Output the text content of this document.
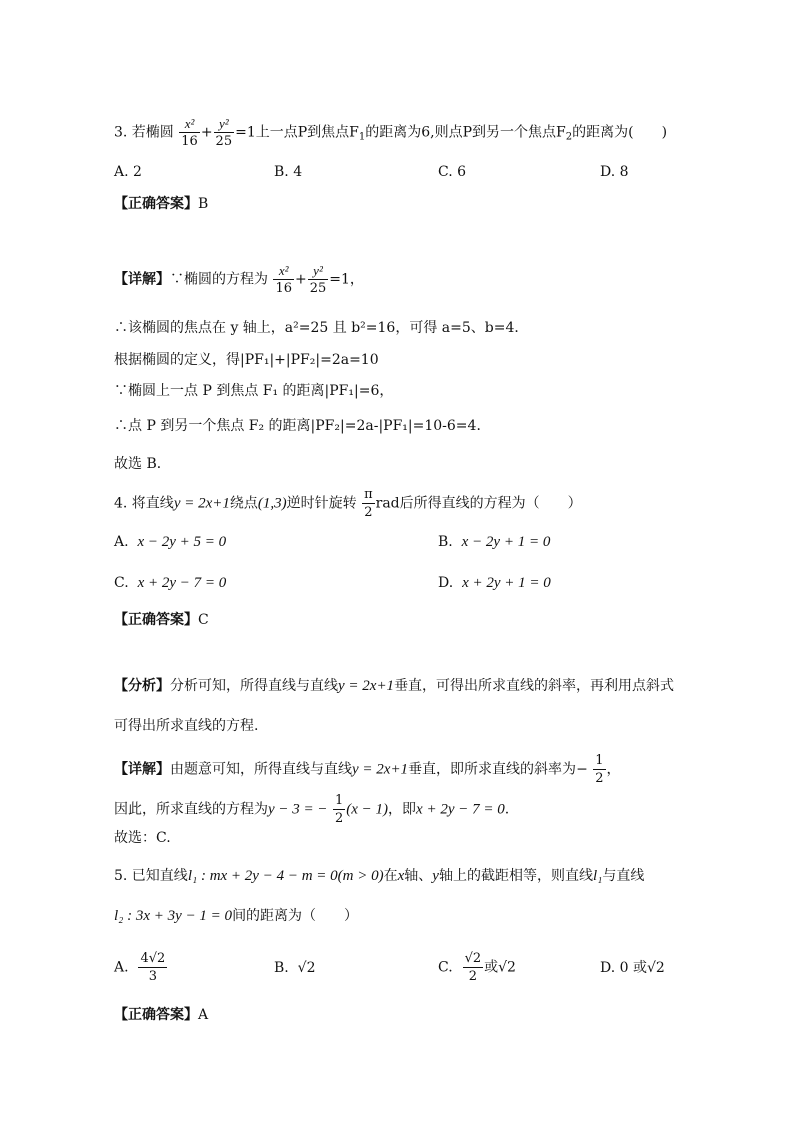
3. 若椭圆 $\frac{\text{x²}}{16} + \frac{\text{y²}}{25} =1$上一点P到焦点$F_1$的距离为6,则点P到另一个焦点$F_2$的距离为(　　)
A. 2	B. 4	C. 6	D. 8
【正确答案】B
【详解】∵椭圆的方程为 $\frac{\text{x²}}{16} + \frac{\text{y²}}{25} =1$，
∴该椭圆的焦点在 y 轴上，a²=25 且 b²=16，可得 a=5、b=4．
根据椭圆的定义，得|PF₁|+|PF₂|=2a=10
∵椭圆上一点 P 到焦点 F₁ 的距离|PF₁|=6，
∴点 P 到另一个焦点 F₂ 的距离|PF₂|=2a-|PF₁|=10-6=4．
故选 B．
4. 将直线y = 2x+1绕点(1,3)逆时针旋转 $\frac{\pi}{2}$ rad后所得直线的方程为（　　）
A. x − 2y + 5 = 0	B. x − 2y + 1 = 0
C. x + 2y − 7 = 0	D. x + 2y + 1 = 0
【正确答案】C
【分析】分析可知，所得直线与直线y = 2x+1垂直，可得出所求直线的斜率，再利用点斜式
可得出所求直线的方程.
【详解】由题意可知，所得直线与直线y = 2x+1垂直，即所求直线的斜率为− $\frac{1}{2}$ ，
因此，所求直线的方程为y − 3 = − $\frac{1}{2} (x - 1)$，即x + 2y − 7 = 0.
故选：C.
5. 已知直线l₁ : mx + 2y − 4 − m = 0(m > 0)在x轴、y轴上的截距相等，则直线l₁与直线
l₂ : 3x + 3y − 1 = 0间的距离为（　　）
A. $\frac{4√2}{3}$	B. √2	C. $\frac{√2}{2}$ 或√2	D. 0 或√2
【正确答案】A
